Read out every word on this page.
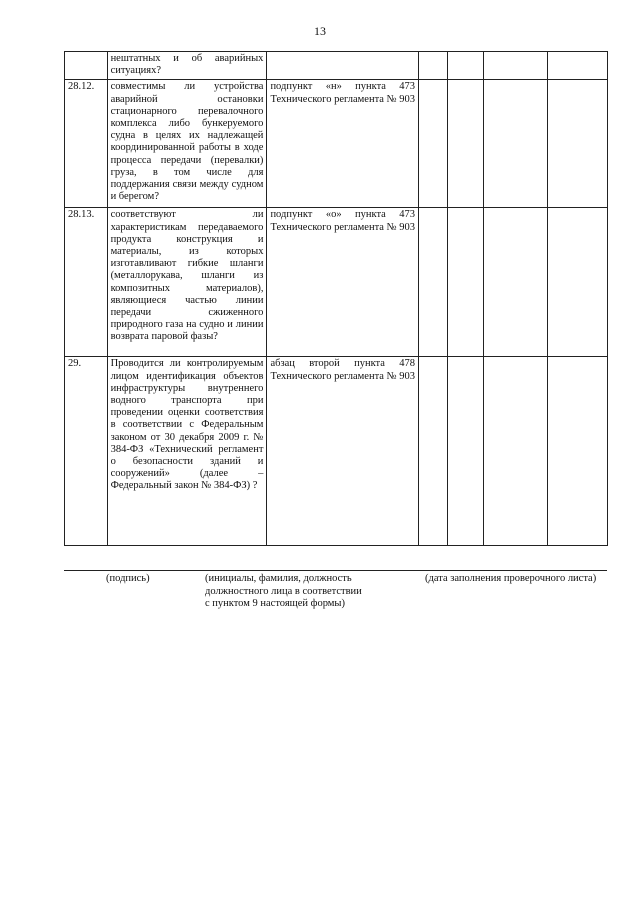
13
	нештатных и об аварийных ситуациях?					
28.12.	совместимы ли устройства аварийной остановки стационарного перевалочного комплекса либо бункеруемого судна в целях их надлежащей координированной работы в ходе процесса передачи (перевалки) груза, в том числе для поддержания связи между судном и берегом?	подпункт «н» пункта 473 Технического регламента № 903				
28.13.	соответствуют ли характеристикам передаваемого продукта конструкция и материалы, из которых изготавливают гибкие шланги (металлорукава, шланги из композитных материалов), являющиеся частью линии передачи сжиженного природного газа на судно и линии возврата паровой фазы?	подпункт «о» пункта 473 Технического регламента № 903				
29.	Проводится ли контролируемым лицом идентификация объектов инфраструктуры внутреннего водного транспорта при проведении оценки соответствия в соответствии с Федеральным законом от 30 декабря 2009 г. № 384-ФЗ «Технический регламент о безопасности зданий и сооружений» (далее – Федеральный закон № 384-ФЗ) ?	абзац второй пункта 478 Технического регламента № 903				
(подпись)	(инициалы, фамилия, должность должностного лица в соответствии с пунктом 9 настоящей формы)
(дата заполнения проверочного листа)
